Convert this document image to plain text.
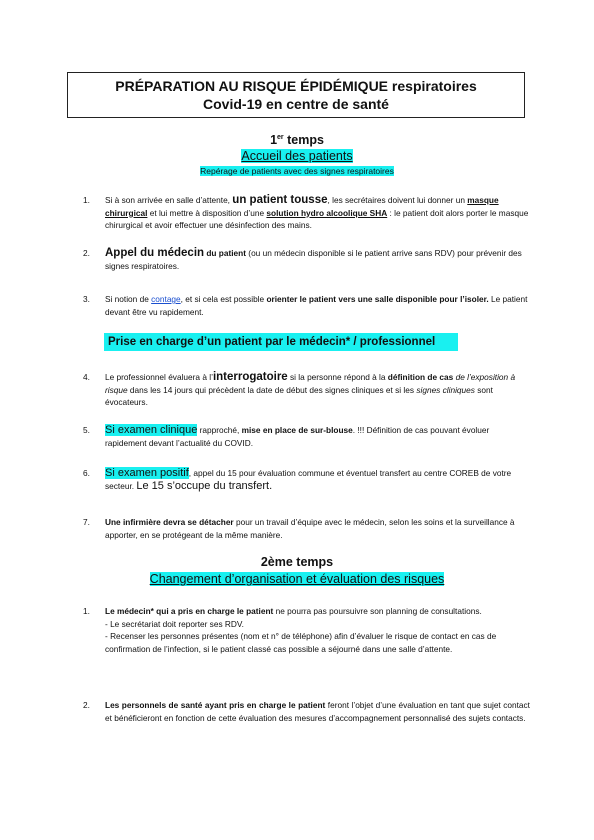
PRÉPARATION AU RISQUE ÉPIDÉMIQUE respiratoires
Covid-19 en centre de santé
1er temps
Accueil des patients
Repérage de patients avec des signes respiratoires
1.	Si à son arrivée en salle d’attente, un patient tousse, les secrétaires doivent lui donner un masque chirurgical et lui mettre à disposition d’une solution hydro alcoolique SHA : le patient doit alors porter le masque chirurgical et avoir effectuer une désinfection des mains.
2.	Appel du médecin du patient (ou un médecin disponible si le patient arrive sans RDV) pour prévenir des signes respiratoires.
3.	Si notion de contage, et si cela est possible orienter le patient vers une salle disponible pour l’isoler. Le patient devant être vu rapidement.
Prise en charge d’un patient par le médecin* / professionnel
4.	Le professionnel évaluera à l’interrogatoire si la personne répond à la définition de cas de l’exposition à risque dans les 14 jours qui précèdent la date de début des signes cliniques et si les signes cliniques sont évocateurs.
5.	Si examen clinique rapproché, mise en place de sur-blouse. !!! Définition de cas pouvant évoluer rapidement devant l’actualité du COVID.
6.	Si examen positif, appel du 15 pour évaluation commune et éventuel transfert au centre COREB de votre secteur. Le 15 s’occupe du transfert.
7.	Une infirmière devra se détacher pour un travail d’équipe avec le médecin, selon les soins et la surveillance à apporter, en se protégeant de la même manière.
2ème temps
Changement d’organisation et évaluation des risques
1.	Le médecin* qui a pris en charge le patient ne pourra pas poursuivre son planning de consultations.
- Le secrétariat doit reporter ses RDV.
- Recenser les personnes présentes (nom et n° de téléphone) afin d’évaluer le risque de contact en cas de confirmation de l’infection, si le patient classé cas possible a séjourné dans une salle d’attente.
2.	Les personnels de santé ayant pris en charge le patient feront l’objet d’une évaluation en tant que sujet contact et bénéficieront en fonction de cette évaluation des mesures d’accompagnement personnalisé des sujets contacts.
